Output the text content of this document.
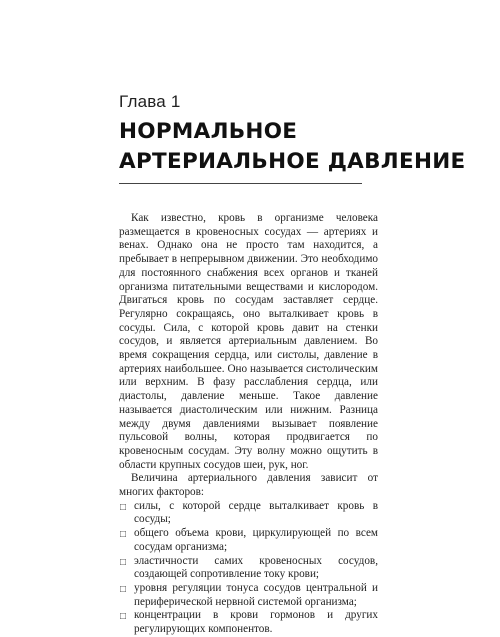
Глава 1
НОРМАЛЬНОЕ
АРТЕРИАЛЬНОЕ ДАВЛЕНИЕ

Как известно, кровь в организме человека размещается в кровеносных сосудах — артериях и венах. Однако она не просто там находится, а пребывает в непрерывном движении. Это необходимо для постоянного снабжения всех органов и тканей организма питательными веществами и кислородом. Двигаться кровь по сосудам заставляет сердце. Регулярно сокращаясь, оно выталкивает кровь в сосуды. Сила, с которой кровь давит на стенки сосудов, и является артериальным давлением. Во время сокращения сердца, или систолы, давление в артериях наибольшее. Оно называется систолическим или верхним. В фазу расслабления сердца, или диастолы, давление меньше. Такое давление называется диастолическим или нижним. Разница между двумя давлениями вызывает появление пульсовой волны, которая продвигается по кровеносным сосудам. Эту волну можно ощутить в области крупных сосудов шеи, рук, ног.

Величина артериального давления зависит от многих факторов:

□ силы, с которой сердце выталкивает кровь в сосуды;
□ общего объема крови, циркулирующей по всем сосудам организма;
□ эластичности самих кровеносных сосудов, создающей сопротивление току крови;
□ уровня регуляции тонуса сосудов центральной и периферической нервной системой организма;
□ концентрации в крови гормонов и других регулирующих компонентов.
